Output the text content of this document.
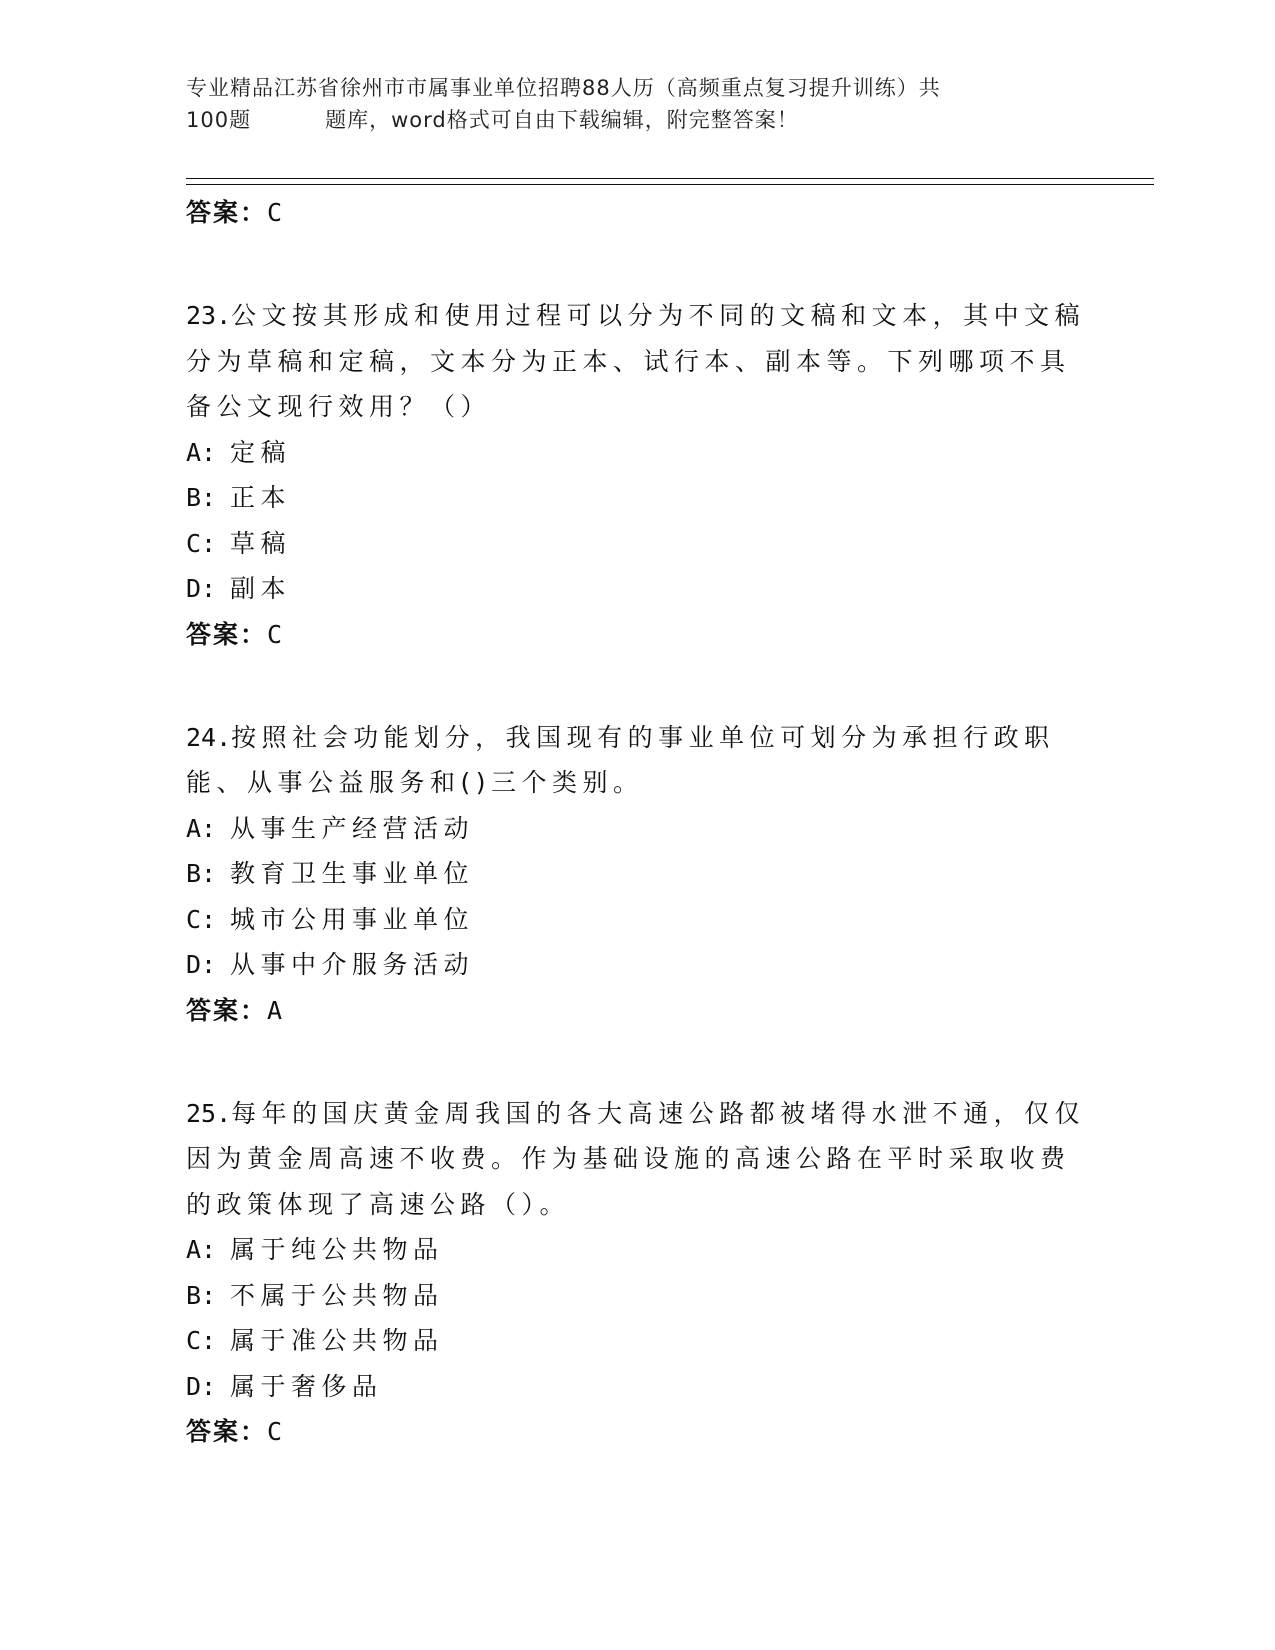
专业精品江苏省徐州市市属事业单位招聘88人历（高频重点复习提升训练）共
100题	题库，word格式可自由下载编辑，附完整答案！

答案：C

23.公文按其形成和使用过程可以分为不同的文稿和文本，其中文稿分为草稿和定稿，文本分为正本、试行本、副本等。下列哪项不具备公文现行效用？（）

A: 定稿

B: 正本

C: 草稿

D: 副本

答案：C

24.按照社会功能划分，我国现有的事业单位可划分为承担行政职能、从事公益服务和()三个类别。

A: 从事生产经营活动

B: 教育卫生事业单位

C: 城市公用事业单位

D: 从事中介服务活动

答案：A

25.每年的国庆黄金周我国的各大高速公路都被堵得水泄不通，仅仅因为黄金周高速不收费。作为基础设施的高速公路在平时采取收费的政策体现了高速公路（）。

A: 属于纯公共物品

B: 不属于公共物品

C: 属于准公共物品

D: 属于奢侈品

答案：C
